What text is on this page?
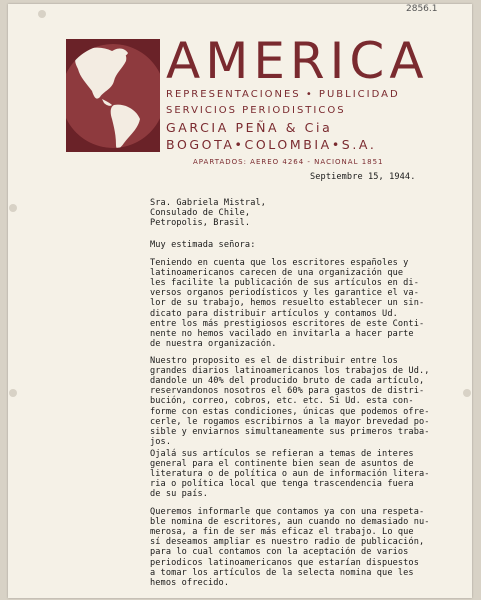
2856.1
AMERICA
REPRESENTACIONES • PUBLICIDAD
SERVICIOS PERIODISTICOS
GARCIA PEÑA & Cia
BOGOTA•COLOMBIA•S.A.
APARTADOS: AEREO 4264 - NACIONAL 1851
Septiembre 15, 1944.
Sra. Gabriela Mistral,
Consulado de Chile,
Petropolis, Brasil.
Muy estimada señora:
Teniendo en cuenta que los escritores españoles y
latinoamericanos carecen de una organización que
les facilite la publicación de sus artículos en di-
versos organos periodísticos y les garantice el va-
lor de su trabajo, hemos resuelto establecer un sin-
dicato para distribuir artículos y contamos Ud.
entre los más prestigiosos escritores de este Conti-
nente no hemos vacilado en invitarla a hacer parte
de nuestra organización.
Nuestro proposito es el de distribuir entre los
grandes diarios latinoamericanos los trabajos de Ud.,
dandole un 40% del producido bruto de cada artículo,
reservandonos nosotros el 60% para gastos de distri-
bución, correo, cobros, etc. etc. Si Ud. esta con-
forme con estas condiciones, únicas que podemos ofre-
cerle, le rogamos escribirnos a la mayor brevedad po-
sible y enviarnos simultaneamente sus primeros traba-
jos.
Ojalá sus artículos se refieran a temas de interes
general para el continente bien sean de asuntos de
literatura o de política o aun de información litera-
ria o política local que tenga trascendencia fuera
de su país.
Queremos informarle que contamos ya con una respeta-
ble nomina de escritores, aun cuando no demasiado nu-
merosa, a fin de ser más eficaz el trabajo. Lo que
sí deseamos ampliar es nuestro radio de publicación,
para lo cual contamos con la aceptación de varios
periodicos latinoamericanos que estarían dispuestos
a tomar los artículos de la selecta nomina que les
hemos ofrecido.
